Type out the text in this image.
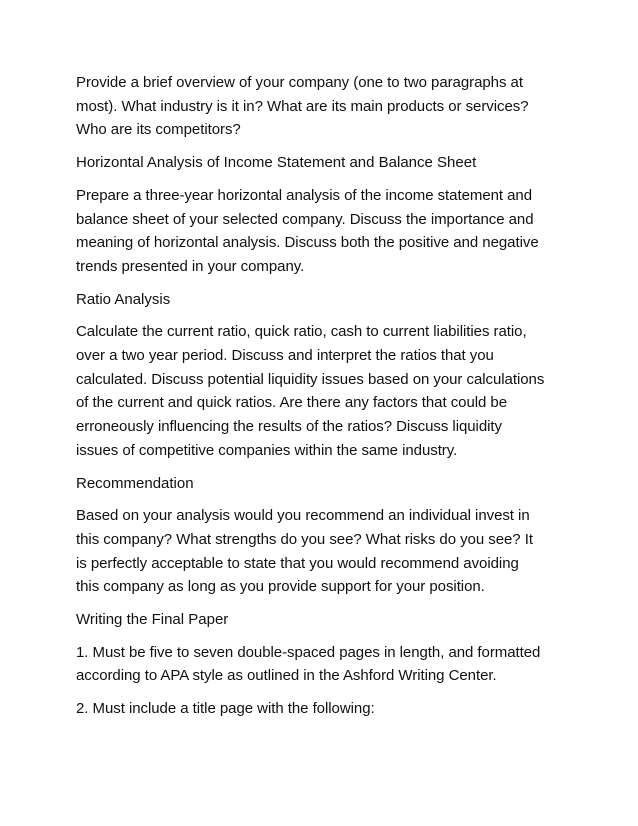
Provide a brief overview of your company (one to two paragraphs at
most). What industry is it in? What are its main products or services?
Who are its competitors?

Horizontal Analysis of Income Statement and Balance Sheet

Prepare a three-year horizontal analysis of the income statement and
balance sheet of your selected company. Discuss the importance and
meaning of horizontal analysis. Discuss both the positive and negative
trends presented in your company.

Ratio Analysis

Calculate the current ratio, quick ratio, cash to current liabilities ratio,
over a two year period. Discuss and interpret the ratios that you
calculated. Discuss potential liquidity issues based on your calculations
of the current and quick ratios. Are there any factors that could be
erroneously influencing the results of the ratios? Discuss liquidity
issues of competitive companies within the same industry.

Recommendation

Based on your analysis would you recommend an individual invest in
this company? What strengths do you see? What risks do you see? It
is perfectly acceptable to state that you would recommend avoiding
this company as long as you provide support for your position.

Writing the Final Paper

1. Must be five to seven double-spaced pages in length, and formatted
according to APA style as outlined in the Ashford Writing Center.

2. Must include a title page with the following:
